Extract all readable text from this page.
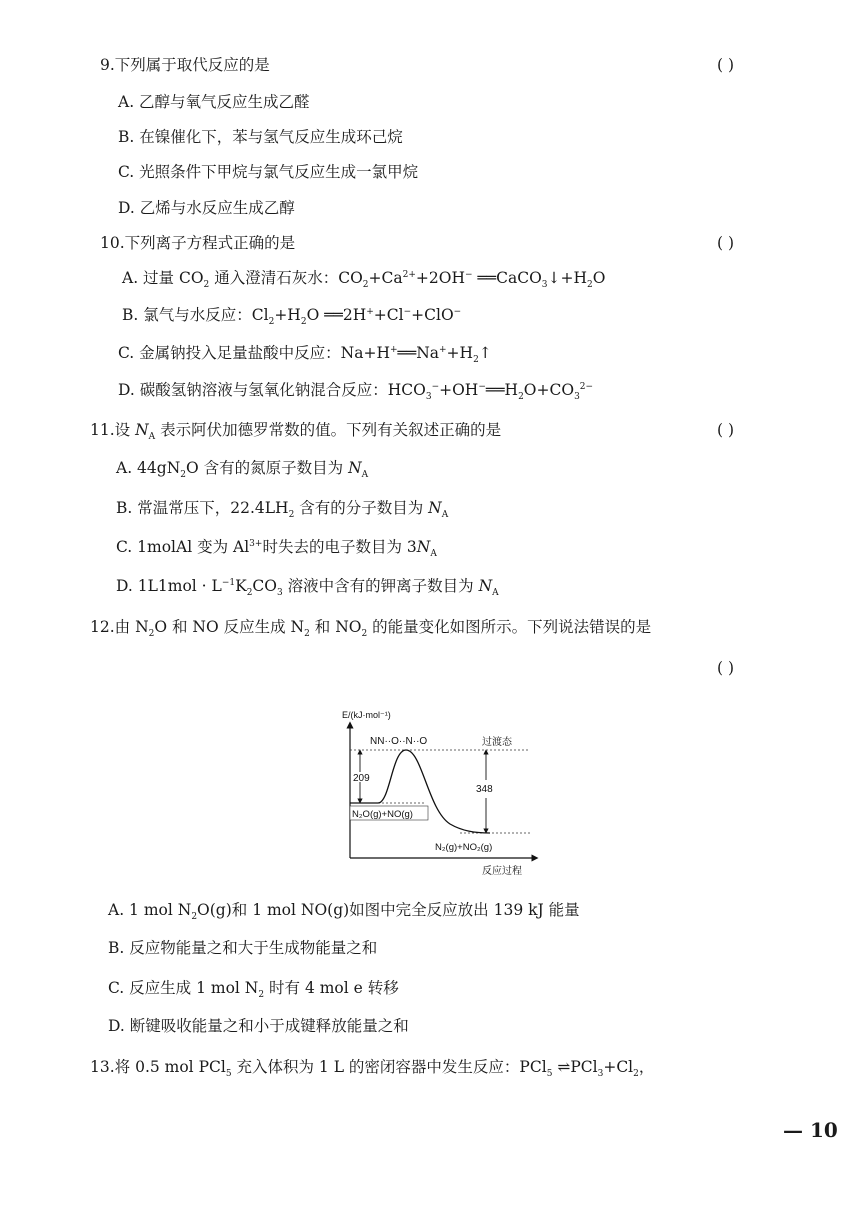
9.下列属于取代反应的是	( )
A. 乙醇与氧气反应生成乙醛
B. 在镍催化下，苯与氢气反应生成环己烷
C. 光照条件下甲烷与氯气反应生成一氯甲烷
D. 乙烯与水反应生成乙醇
10.下列离子方程式正确的是	( )
A. 过量 $CO_2$ 通入澄清石灰水：$CO_2+Ca^{2+}+2OH^-$ $══CaCO_3↓+H_2O$
B. 氯气与水反应：$Cl_2+H_2O$ ══2H++Cl−+ClO−
C. 金属钠投入足量盐酸中反应：$Na+H^+══Na^++H_2↑$
D. 碳酸氢钠溶液与氢氧化钠混合反应：$HCO_3^-+OH^-══H_2O+CO_3^{2-}$
11.设 $N_A$ 表示阿伏加德罗常数的值。下列有关叙述正确的是	( )
A. $44gN_2O$ 含有的氮原子数目为 $N_A$
B. 常温常压下，$22.4LH_2$ 含有的分子数目为 $N_A$
C. 1molAl 变为 $Al^{3+}$时失去的电子数目为 $3N_A$
D. $1L1mol \cdot L^{-1}K_2CO_3$ 溶液中含有的钾离子数目为 $N_A$
12.由 $N_2O$ 和 NO 反应生成 $N_2$ 和 $NO_2$ 的能量变化如图所示。下列说法错误的是
( )
E/(kJ·mol⁻¹)
反应过程
NN··O··N··O	过渡态
209
348
N₂O(g)+NO(g)
N₂(g)+NO₂(g)
A. 1 mol $N_2O(g)$和 1 mol NO(g)如图中完全反应放出 139 kJ 能量
B. 反应物能量之和大于生成物能量之和
C. 反应生成 1 mol $N_2$ 时有 4 mol e 转移
D. 断键吸收能量之和小于成键释放能量之和
13.将 0.5 mol PCl$_5$ 充入体积为 1 L 的密闭容器中发生反应：PCl$_5$ $\rightleftharpoons PCl_3+Cl_2$，
— 10
